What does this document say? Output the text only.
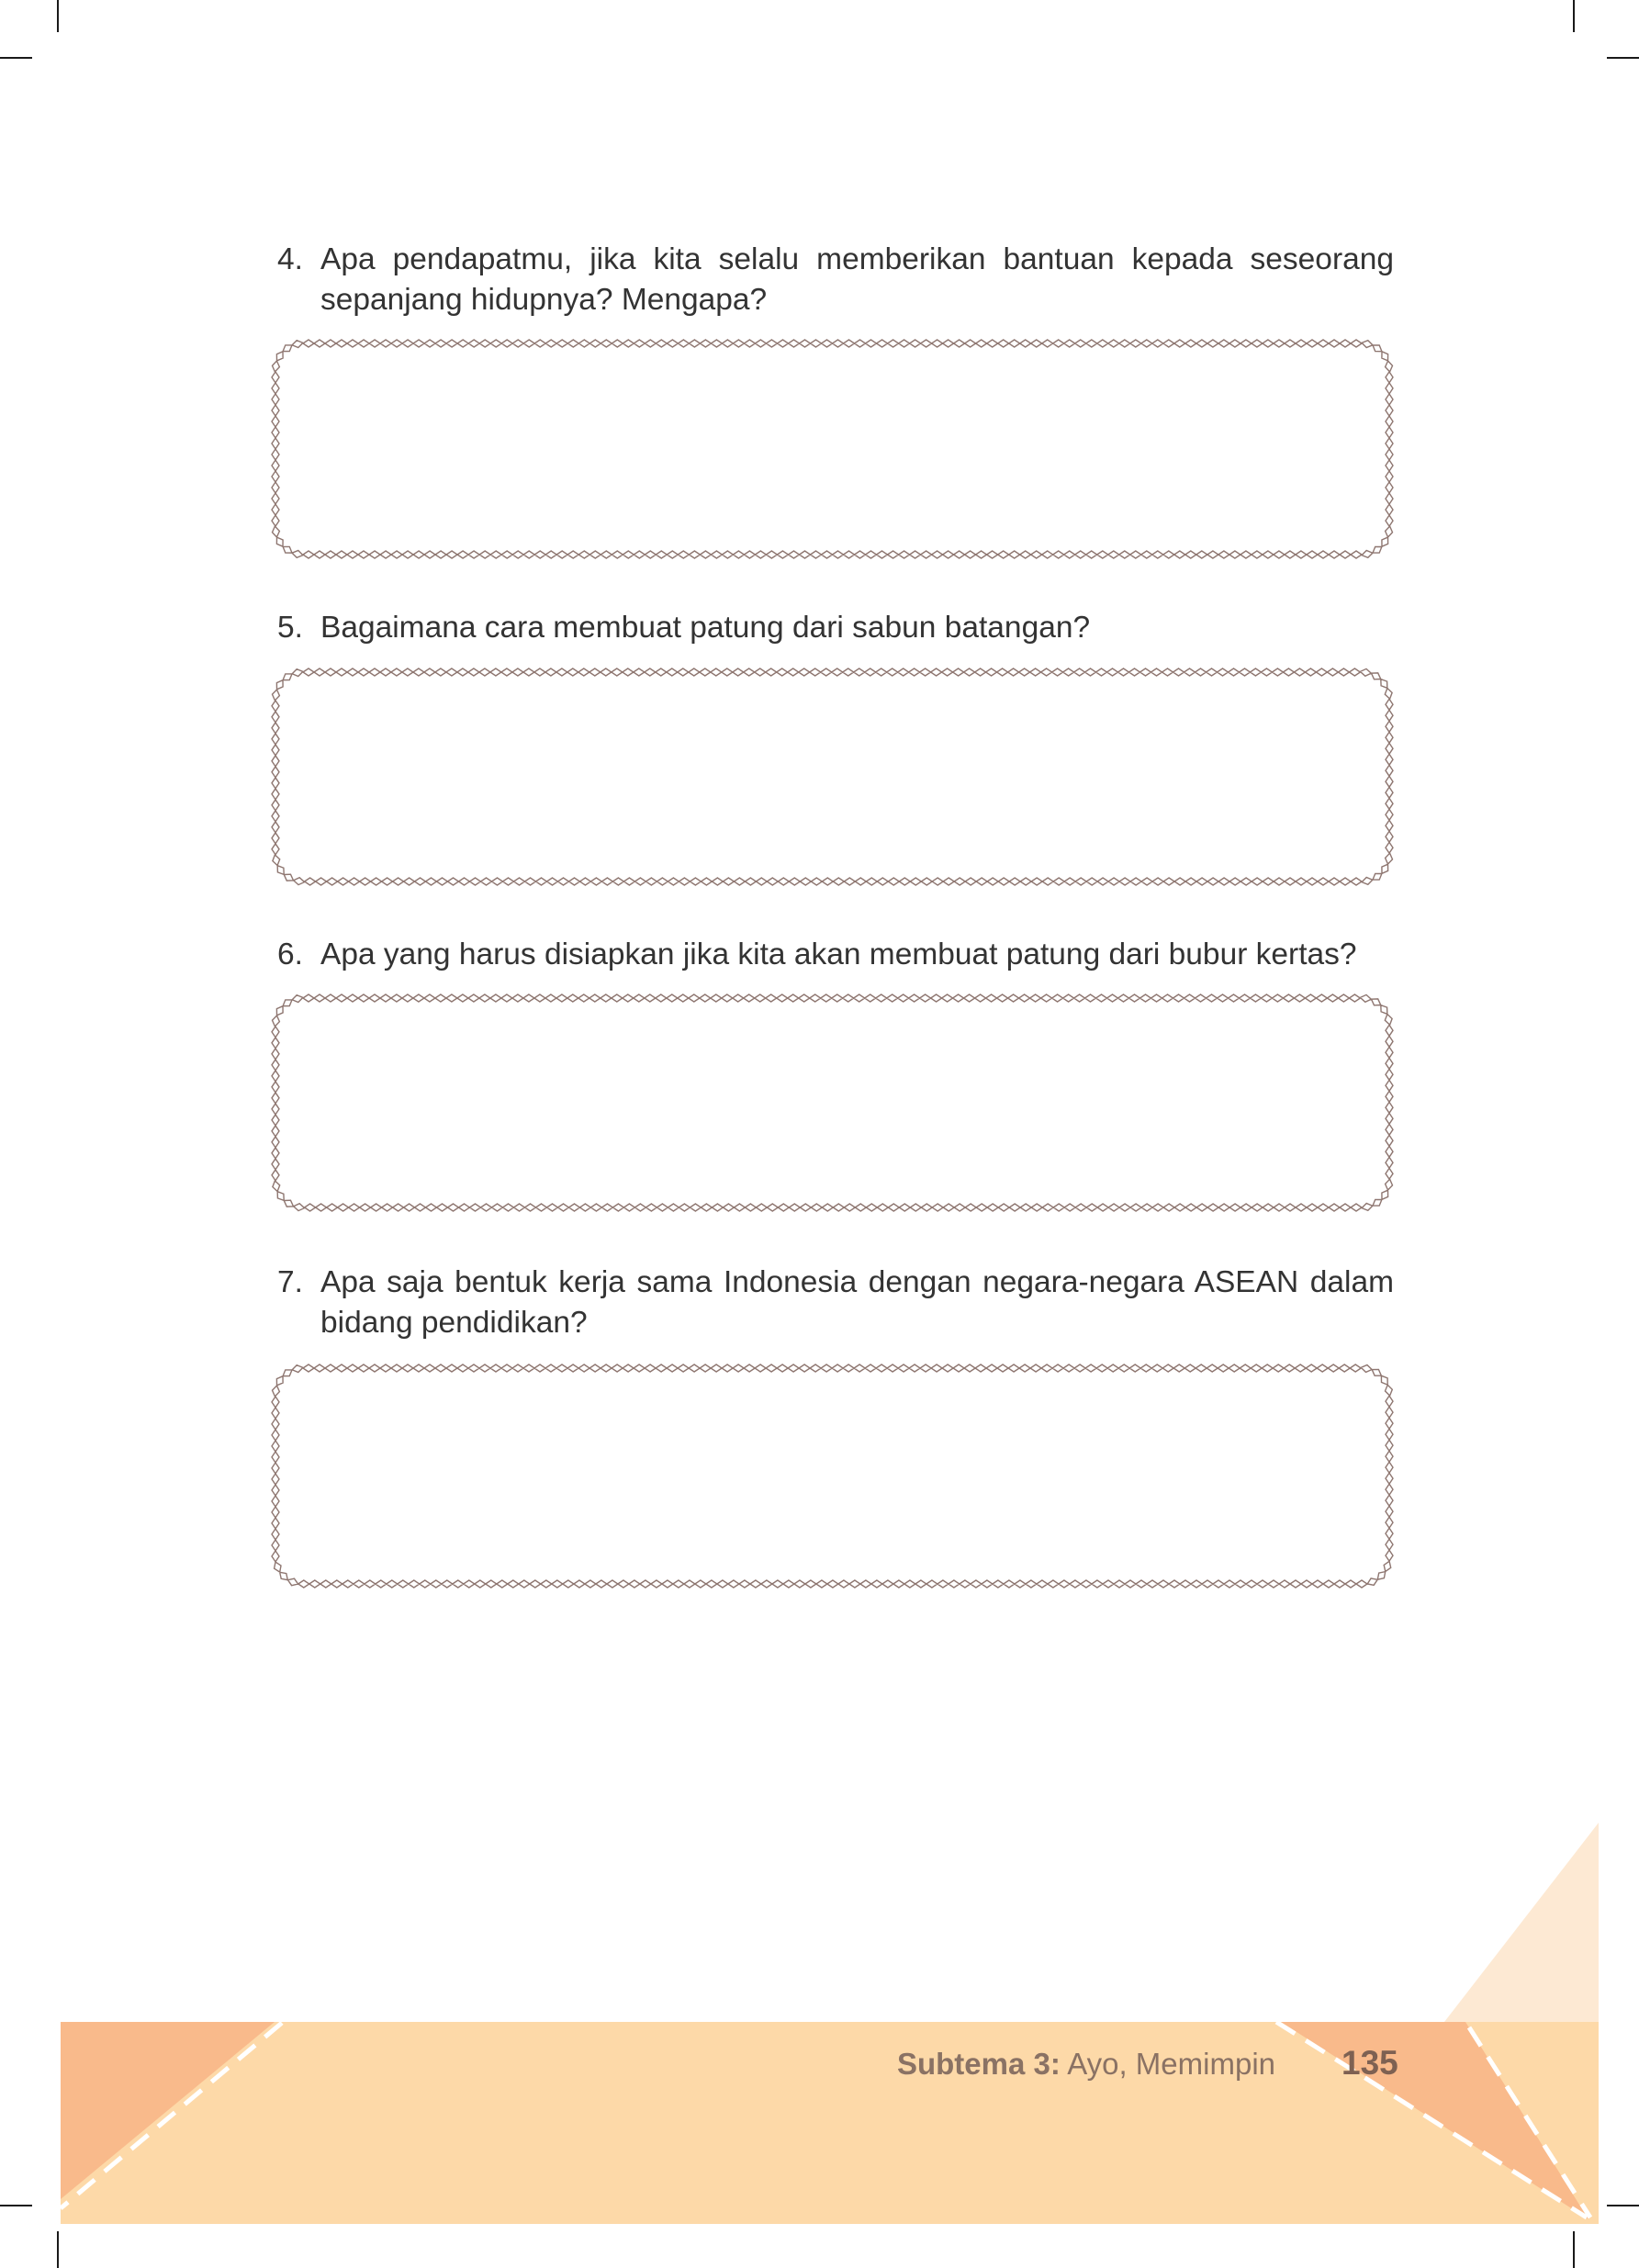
4. Apa pendapatmu, jika kita selalu memberikan bantuan kepada seseorang
sepanjang hidupnya? Mengapa?
5. Bagaimana cara membuat patung dari sabun batangan?
6. Apa yang harus disiapkan jika kita akan membuat patung dari bubur kertas?
7. Apa saja bentuk kerja sama Indonesia dengan negara-negara ASEAN dalam
bidang pendidikan?
Subtema 3: Ayo, Memimpin 135
